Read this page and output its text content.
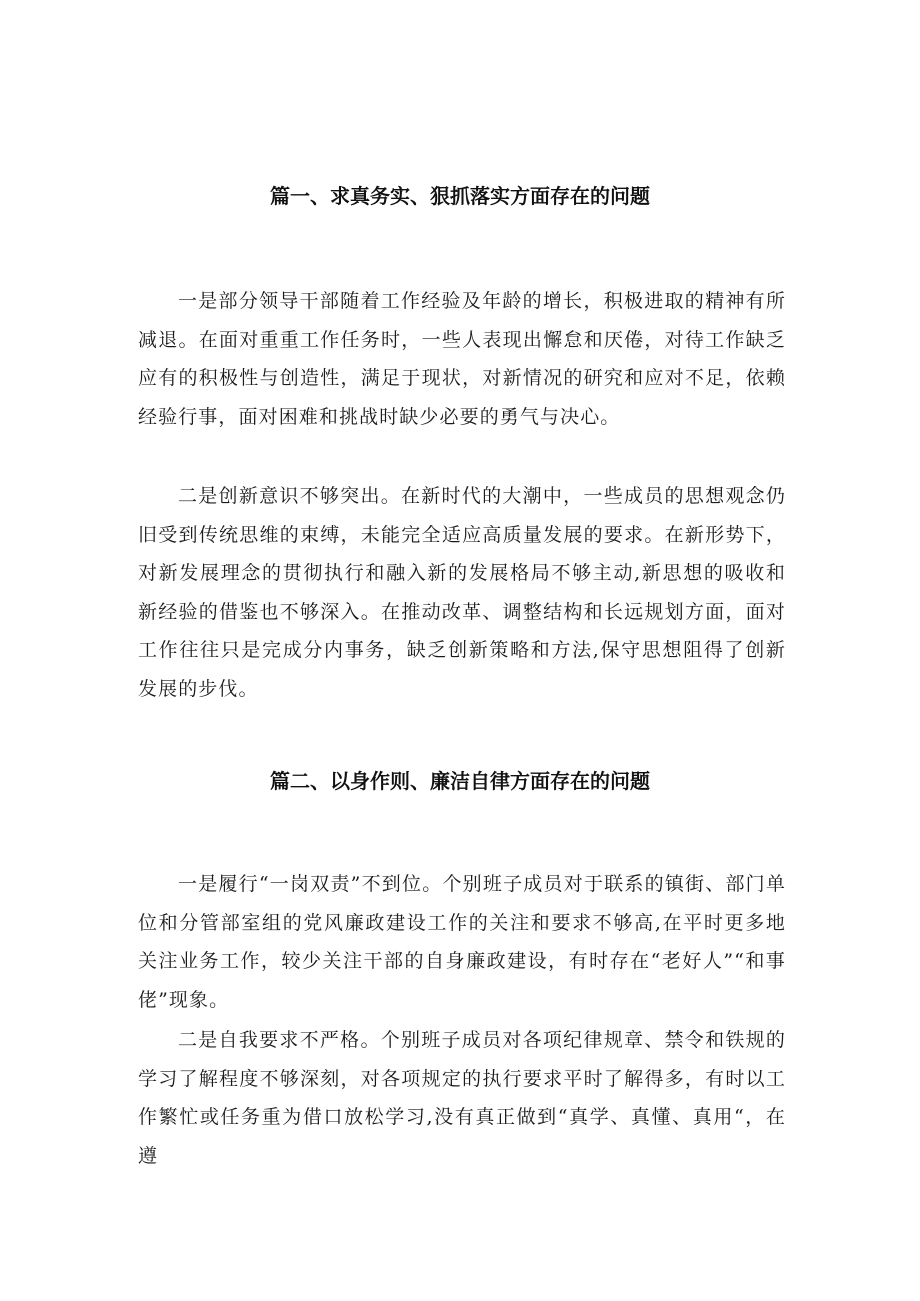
篇一、求真务实、狠抓落实方面存在的问题

一是部分领导干部随着工作经验及年龄的增长，积极进取的精神有所减退。在面对重重工作任务时，一些人表现出懈怠和厌倦，对待工作缺乏应有的积极性与创造性，满足于现状，对新情况的研究和应对不足，依赖经验行事，面对困难和挑战时缺少必要的勇气与决心。

二是创新意识不够突出。在新时代的大潮中，一些成员的思想观念仍旧受到传统思维的束缚，未能完全适应高质量发展的要求。在新形势下，对新发展理念的贯彻执行和融入新的发展格局不够主动,新思想的吸收和新经验的借鉴也不够深入。在推动改革、调整结构和长远规划方面，面对工作往往只是完成分内事务，缺乏创新策略和方法,保守思想阻得了创新发展的步伐。

篇二、以身作则、廉洁自律方面存在的问题

一是履行“一岗双责”不到位。个别班子成员对于联系的镇街、部门单位和分管部室组的党风廉政建设工作的关注和要求不够高,在平时更多地关注业务工作，较少关注干部的自身廉政建设，有时存在“老好人”“和事佬”现象。

二是自我要求不严格。个别班子成员对各项纪律规章、禁令和铁规的学习了解程度不够深刻，对各项规定的执行要求平时了解得多，有时以工作繁忙或任务重为借口放松学习,没有真正做到“真学、真懂、真用“，在遵
